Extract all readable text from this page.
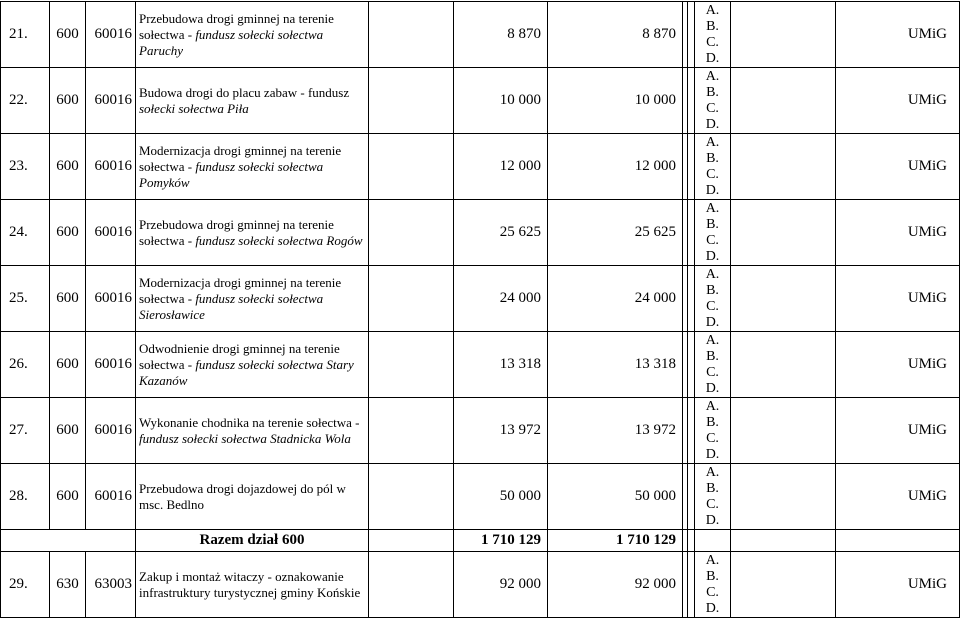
21.	600	60016	Przebudowa drogi gminnej na terenie sołectwa - fundusz sołecki sołectwa Paruchy		8 870	8 870			A.
B.
C.
D.		UMiG
22.	600	60016	Budowa drogi do placu zabaw - fundusz sołecki sołectwa Piła		10 000	10 000			A.
B.
C.
D.		UMiG
23.	600	60016	Modernizacja drogi gminnej na terenie sołectwa - fundusz sołecki sołectwa Pomyków		12 000	12 000			A.
B.
C.
D.		UMiG
24.	600	60016	Przebudowa drogi gminnej na terenie sołectwa - fundusz sołecki sołectwa Rogów		25 625	25 625			A.
B.
C.
D.		UMiG
25.	600	60016	Modernizacja drogi gminnej na terenie sołectwa - fundusz sołecki sołectwa Sierosławice		24 000	24 000			A.
B.
C.
D.		UMiG
26.	600	60016	Odwodnienie drogi gminnej na terenie sołectwa - fundusz sołecki sołectwa Stary Kazanów		13 318	13 318			A.
B.
C.
D.		UMiG
27.	600	60016	Wykonanie chodnika na terenie sołectwa - fundusz sołecki sołectwa Stadnicka Wola		13 972	13 972			A.
B.
C.
D.		UMiG
28.	600	60016	Przebudowa drogi dojazdowej do pól w msc. Bedlno		50 000	50 000			A.
B.
C.
D.		UMiG
			Razem dział 600		1 710 129	1 710 129					
29.	630	63003	Zakup i montaż witaczy - oznakowanie infrastruktury turystycznej gminy Końskie		92 000	92 000			A.
B.
C.
D.		UMiG
